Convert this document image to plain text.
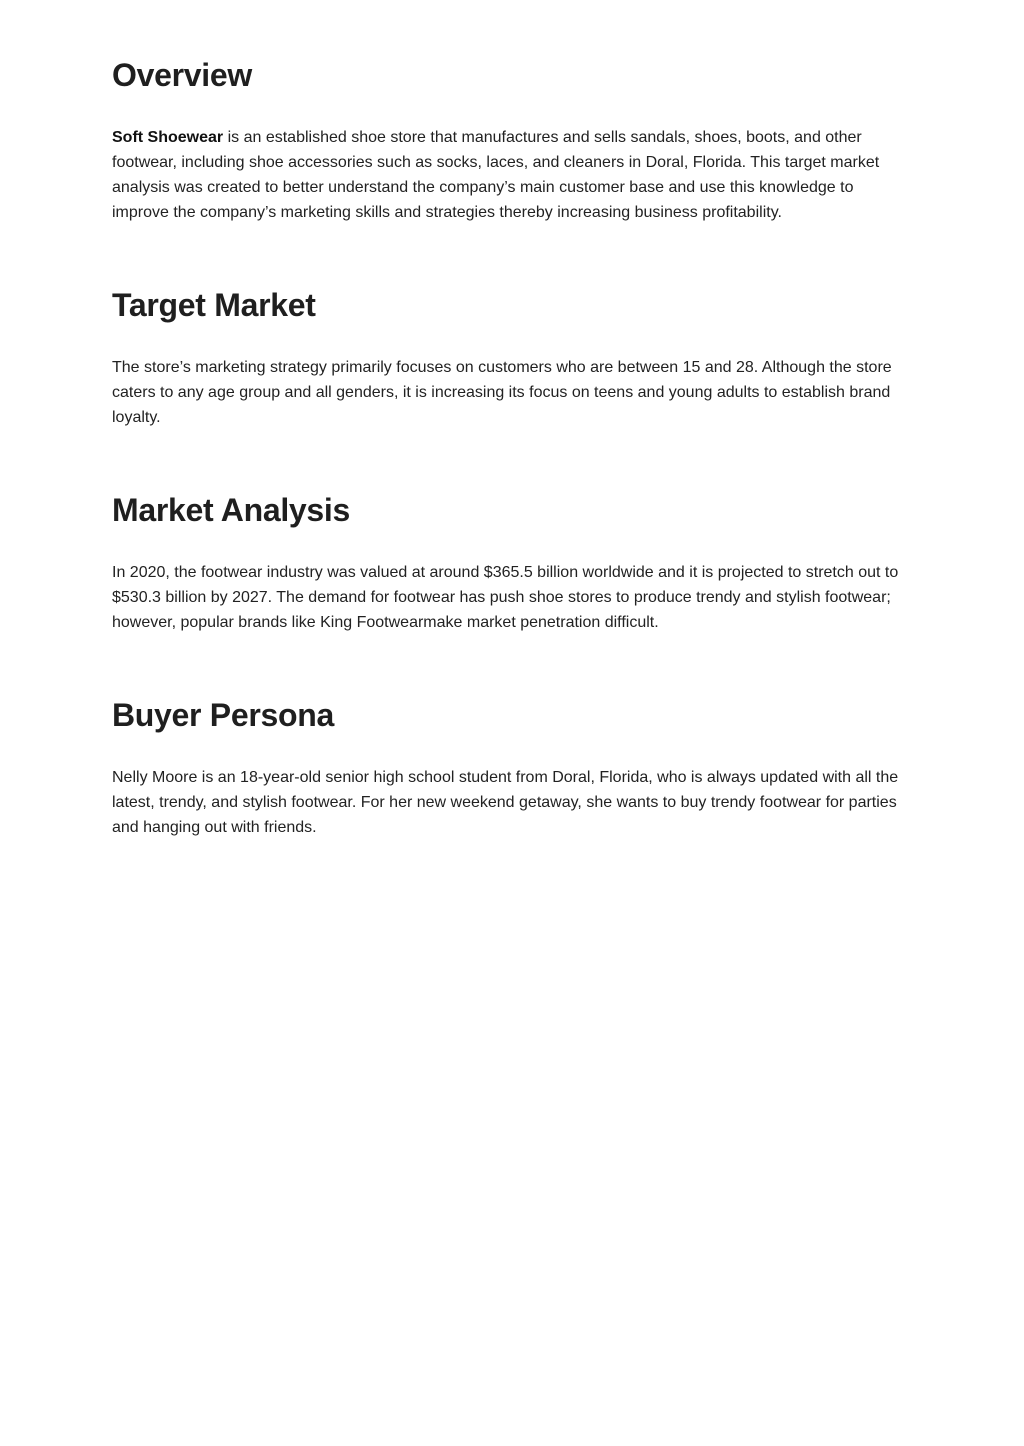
Overview

Soft Shoewear is an established shoe store that manufactures and sells sandals, shoes, boots, and other footwear, including shoe accessories such as socks, laces, and cleaners in Doral, Florida. This target market analysis was created to better understand the company’s main customer base and use this knowledge to improve the company’s marketing skills and strategies thereby increasing business profitability.

Target Market

The store’s marketing strategy primarily focuses on customers who are between 15 and 28. Although the store caters to any age group and all genders, it is increasing its focus on teens and young adults to establish brand loyalty.

Market Analysis

In 2020, the footwear industry was valued at around $365.5 billion worldwide and it is projected to stretch out to $530.3 billion by 2027. The demand for footwear has push shoe stores to produce trendy and stylish footwear; however, popular brands like King Footwearmake market penetration difficult.

Buyer Persona

Nelly Moore is an 18-year-old senior high school student from Doral, Florida, who is always updated with all the latest, trendy, and stylish footwear. For her new weekend getaway, she wants to buy trendy footwear for parties and hanging out with friends.
